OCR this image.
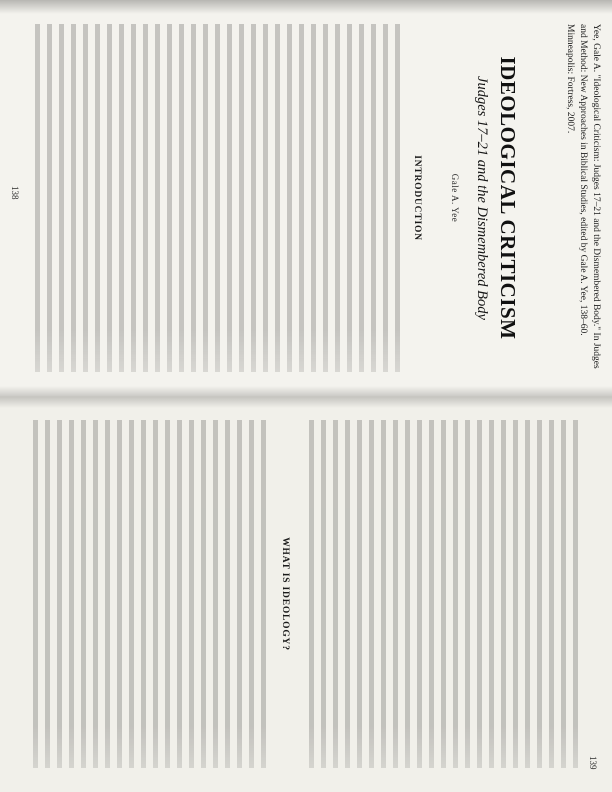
Yee, Gale A. "Ideological Criticism: Judges 17–21 and the Dismembered Body." In Judges and Method: New Approaches in Biblical Studies, edited by Gale A. Yee, 138–60. Minneapolis: Fortress, 2007.
IDEOLOGICAL CRITICISM
Judges 17–21 and the Dismembered Body
Gale A. Yee
INTRODUCTION
138
139
WHAT IS IDEOLOGY?
